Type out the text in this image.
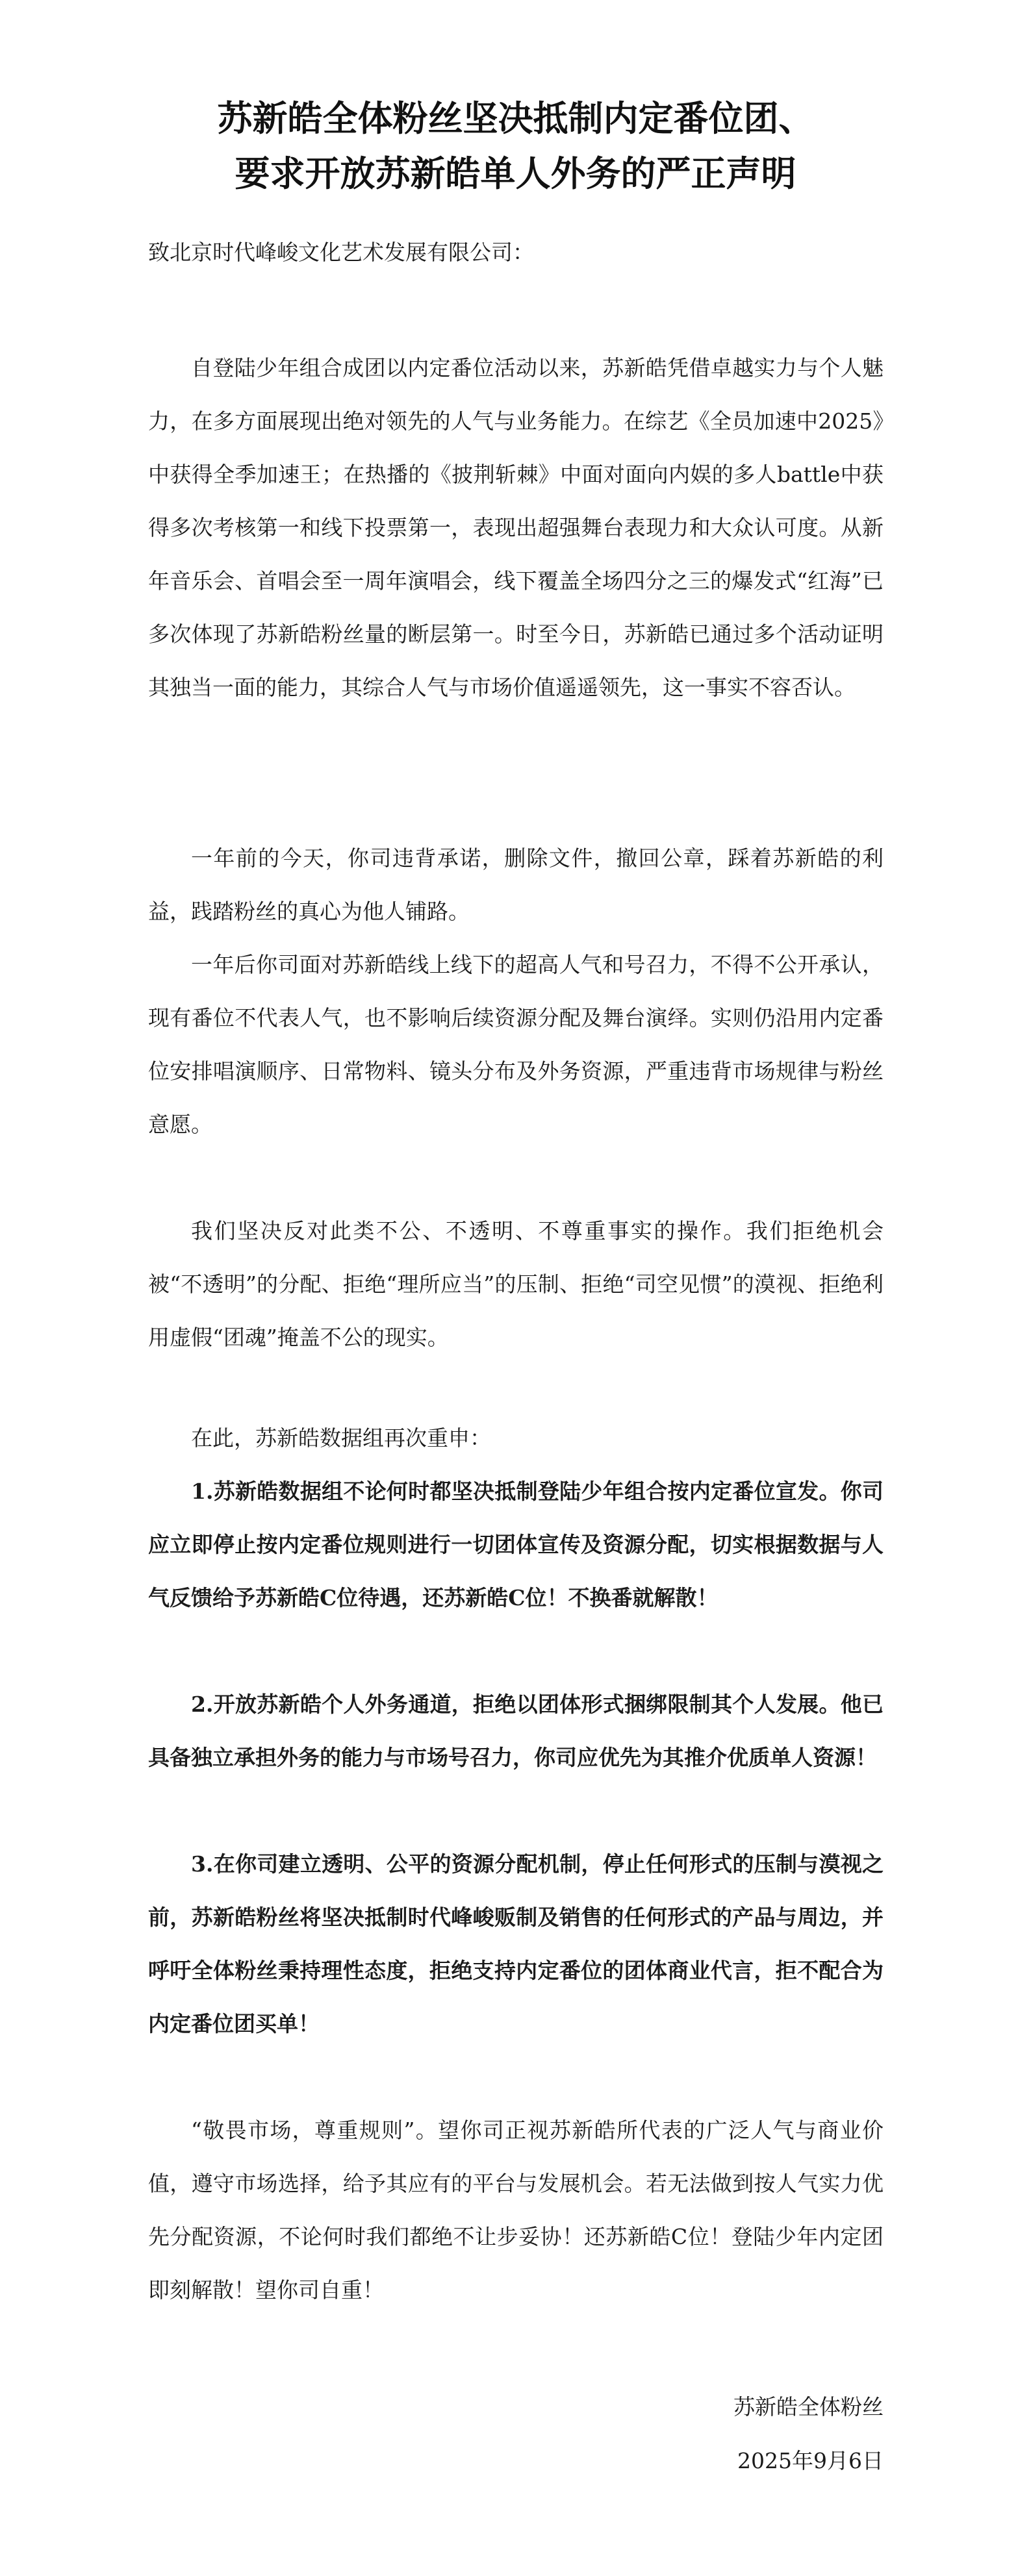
苏新皓全体粉丝坚决抵制内定番位团、
要求开放苏新皓单人外务的严正声明
致北京时代峰峻文化艺术发展有限公司：

自登陆少年组合成团以内定番位活动以来，苏新皓凭借卓越实力与个人魅力，在多方面展现出绝对领先的人气与业务能力。在综艺《全员加速中2025》中获得全季加速王；在热播的《披荆斩棘》中面对面向内娱的多人battle中获得多次考核第一和线下投票第一，表现出超强舞台表现力和大众认可度。从新年音乐会、首唱会至一周年演唱会，线下覆盖全场四分之三的爆发式“红海”已多次体现了苏新皓粉丝量的断层第一。时至今日，苏新皓已通过多个活动证明其独当一面的能力，其综合人气与市场价值遥遥领先，这一事实不容否认。

一年前的今天，你司违背承诺，删除文件，撤回公章，踩着苏新皓的利益，践踏粉丝的真心为他人铺路。

一年后你司面对苏新皓线上线下的超高人气和号召力，不得不公开承认，现有番位不代表人气，也不影响后续资源分配及舞台演绎。实则仍沿用内定番位安排唱演顺序、日常物料、镜头分布及外务资源，严重违背市场规律与粉丝意愿。

我们坚决反对此类不公、不透明、不尊重事实的操作。我们拒绝机会被“不透明”的分配、拒绝“理所应当”的压制、拒绝“司空见惯”的漠视、拒绝利用虚假“团魂”掩盖不公的现实。

在此，苏新皓数据组再次重申：

1.苏新皓数据组不论何时都坚决抵制登陆少年组合按内定番位宣发。你司应立即停止按内定番位规则进行一切团体宣传及资源分配，切实根据数据与人气反馈给予苏新皓C位待遇，还苏新皓C位！不换番就解散！

2.开放苏新皓个人外务通道，拒绝以团体形式捆绑限制其个人发展。他已具备独立承担外务的能力与市场号召力，你司应优先为其推介优质单人资源！

3.在你司建立透明、公平的资源分配机制，停止任何形式的压制与漠视之前，苏新皓粉丝将坚决抵制时代峰峻贩制及销售的任何形式的产品与周边，并呼吁全体粉丝秉持理性态度，拒绝支持内定番位的团体商业代言，拒不配合为内定番位团买单！

“敬畏市场，尊重规则”。望你司正视苏新皓所代表的广泛人气与商业价值，遵守市场选择，给予其应有的平台与发展机会。若无法做到按人气实力优先分配资源，不论何时我们都绝不让步妥协！还苏新皓C位！登陆少年内定团即刻解散！望你司自重！

苏新皓全体粉丝
2025年9月6日
